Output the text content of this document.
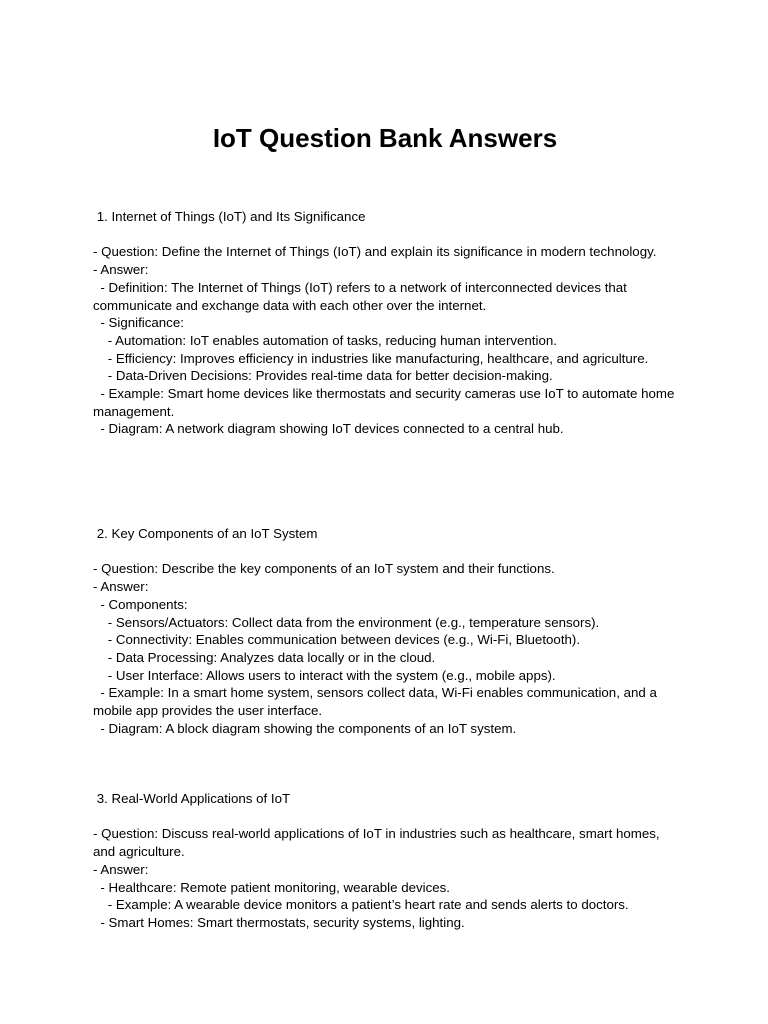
IoT Question Bank Answers
1. Internet of Things (IoT) and Its Significance
- Question: Define the Internet of Things (IoT) and explain its significance in modern technology.
- Answer:
- Definition: The Internet of Things (IoT) refers to a network of interconnected devices that communicate and exchange data with each other over the internet.
- Significance:
- Automation: IoT enables automation of tasks, reducing human intervention.
- Efficiency: Improves efficiency in industries like manufacturing, healthcare, and agriculture.
- Data-Driven Decisions: Provides real-time data for better decision-making.
- Example: Smart home devices like thermostats and security cameras use IoT to automate home management.
- Diagram: A network diagram showing IoT devices connected to a central hub.
2. Key Components of an IoT System
- Question: Describe the key components of an IoT system and their functions.
- Answer:
- Components:
- Sensors/Actuators: Collect data from the environment (e.g., temperature sensors).
- Connectivity: Enables communication between devices (e.g., Wi-Fi, Bluetooth).
- Data Processing: Analyzes data locally or in the cloud.
- User Interface: Allows users to interact with the system (e.g., mobile apps).
- Example: In a smart home system, sensors collect data, Wi-Fi enables communication, and a mobile app provides the user interface.
- Diagram: A block diagram showing the components of an IoT system.
3. Real-World Applications of IoT
- Question: Discuss real-world applications of IoT in industries such as healthcare, smart homes, and agriculture.
- Answer:
- Healthcare: Remote patient monitoring, wearable devices.
- Example: A wearable device monitors a patient’s heart rate and sends alerts to doctors.
- Smart Homes: Smart thermostats, security systems, lighting.
